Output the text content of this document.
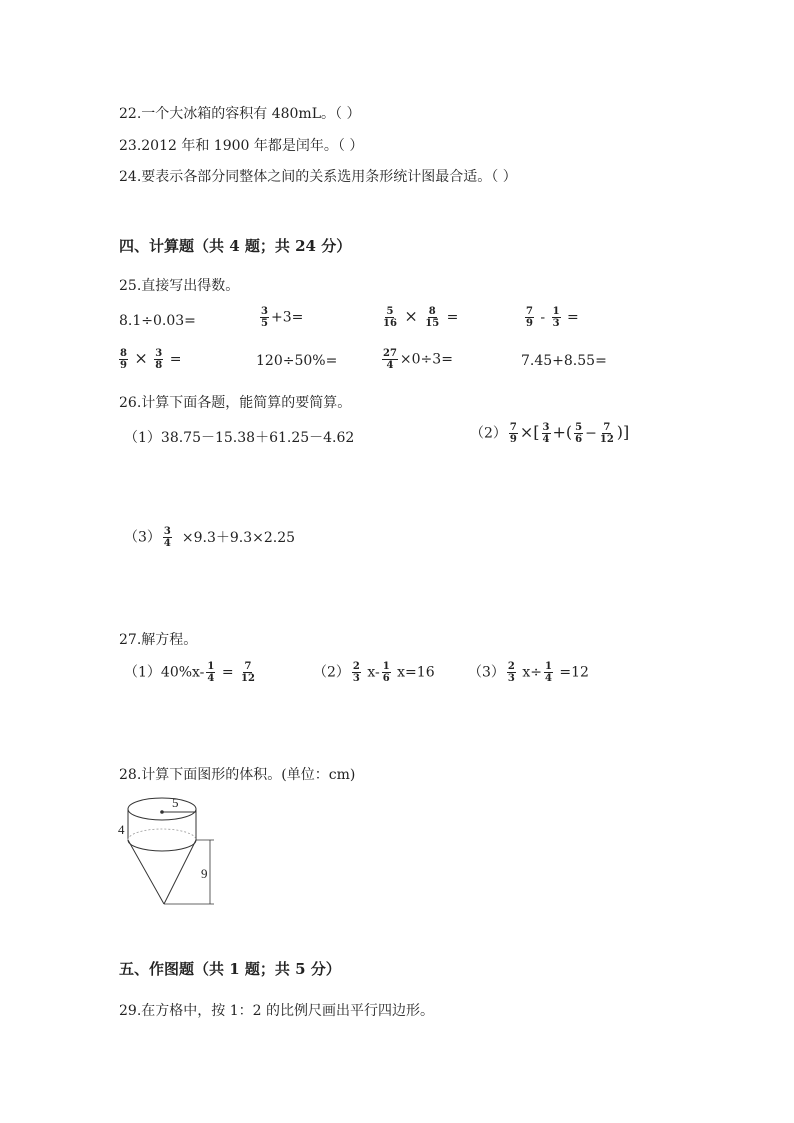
22.一个大冰箱的容积有 480mL。（ ）
23.2012 年和 1900 年都是闰年。（ ）
24.要表示各部分同整体之间的关系选用条形统计图最合适。（ ）
四、计算题（共 4 题；共 24 分）
25.直接写出得数。
8.1÷0.03=	$\frac{3}{5} +3=$	$\frac{5}{16} \times \frac{8}{15}$ =	$\frac{7}{9} - \frac{1}{3}$ =
$\frac{8}{9} \times \frac{3}{8}$ =	120÷50%=	$\frac{27}{4} \times 0\div 3=$	7.45+8.55=
26.计算下面各题，能简算的要简算。
（1）38.75－15.38＋61.25－4.62	$(2) \frac{7}{9}$ ×[ $\frac{3}{4}$ +( $\frac{5}{6} - \frac{7}{12}$ )]
$(3) \frac{3}{4} \times 9.3+9.3\times 2.25$
27.解方程。
$(1)40\%x- \frac{1}{4} = \frac{7}{12}$	$(2) \frac{2}{3} x- \frac{1}{6} x=16$ $(3) \frac{2}{3} x\div \frac{1}{4} =12$
28.计算下面图形的体积。(单位：cm)
5
4
9
五、作图题（共 1 题；共 5 分）
29.在方格中，按 1：2 的比例尺画出平行四边形。
